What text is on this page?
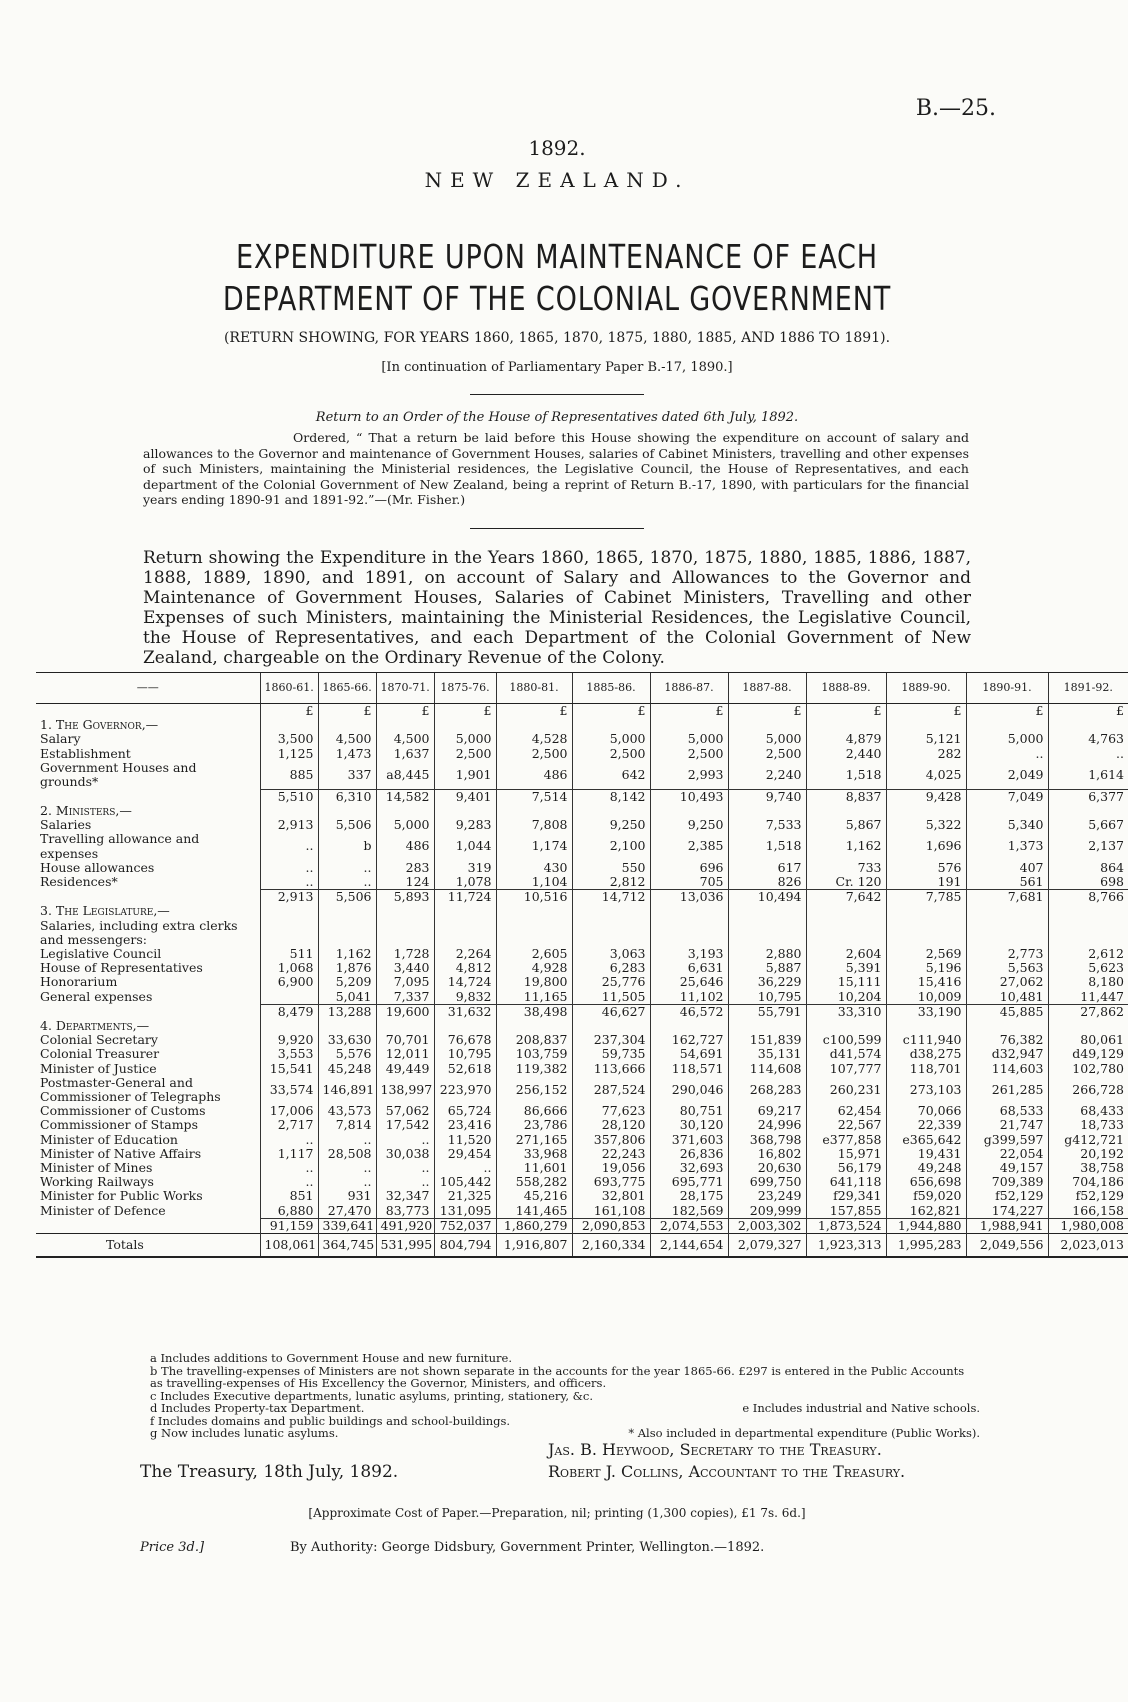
B.—25.
1892.
NEW ZEALAND.
EXPENDITURE UPON MAINTENANCE OF EACH DEPARTMENT OF THE COLONIAL GOVERNMENT
(RETURN SHOWING, FOR YEARS 1860, 1865, 1870, 1875, 1880, 1885, AND 1886 TO 1891).
[In continuation of Parliamentary Paper B.-17, 1890.]
Return to an Order of the House of Representatives dated 6th July, 1892.
Ordered, “ That a return be laid before this House showing the expenditure on account of salary and allowances to the Governor and maintenance of Government Houses, salaries of Cabinet Ministers, travelling and other expenses of such Ministers, maintaining the Ministerial residences, the Legislative Council, the House of Representatives, and each department of the Colonial Government of New Zealand, being a reprint of Return B.-17, 1890, with particulars for the financial years ending 1890-91 and 1891-92.”—(Mr. Fisher.)
Return showing the Expenditure in the Years 1860, 1865, 1870, 1875, 1880, 1885, 1886, 1887, 1888, 1889, 1890, and 1891, on account of Salary and Allowances to the Governor and Maintenance of Government Houses, Salaries of Cabinet Ministers, Travelling and other Expenses of such Ministers, maintaining the Ministerial Residences, the Legislative Council, the House of Representatives, and each Department of the Colonial Government of New Zealand, chargeable on the Ordinary Revenue of the Colony.
——	1860-61.	1865-66.	1870-71.	1875-76.	1880-81.	1885-86.	1886-87.	1887-88.	1888-89.	1889-90.	1890-91.	1891-92.
	£	£	£	£	£	£	£	£	£	£	£	£
1. The Governor,—												
Salary	3,500	4,500	4,500	5,000	4,528	5,000	5,000	5,000	4,879	5,121	5,000	4,763
Establishment	1,125	1,473	1,637	2,500	2,500	2,500	2,500	2,500	2,440	282	..	..
Government Houses and grounds*	885	337	a8,445	1,901	486	642	2,993	2,240	1,518	4,025	2,049	1,614
	5,510	6,310	14,582	9,401	7,514	8,142	10,493	9,740	8,837	9,428	7,049	6,377
2. Ministers,—												
Salaries	2,913	5,506	5,000	9,283	7,808	9,250	9,250	7,533	5,867	5,322	5,340	5,667
Travelling allowance and expenses	..	b	486	1,044	1,174	2,100	2,385	1,518	1,162	1,696	1,373	2,137
House allowances	..	..	283	319	430	550	696	617	733	576	407	864
Residences*	..	..	124	1,078	1,104	2,812	705	826	Cr. 120	191	561	698
	2,913	5,506	5,893	11,724	10,516	14,712	13,036	10,494	7,642	7,785	7,681	8,766
3. The Legislature,—												
Salaries, including extra clerks and messengers:												
Legislative Council	511	1,162	1,728	2,264	2,605	3,063	3,193	2,880	2,604	2,569	2,773	2,612
House of Representatives	1,068	1,876	3,440	4,812	4,928	6,283	6,631	5,887	5,391	5,196	5,563	5,623
Honorarium	6,900	5,209	7,095	14,724	19,800	25,776	25,646	36,229	15,111	15,416	27,062	8,180
General expenses		5,041	7,337	9,832	11,165	11,505	11,102	10,795	10,204	10,009	10,481	11,447
	8,479	13,288	19,600	31,632	38,498	46,627	46,572	55,791	33,310	33,190	45,885	27,862
4. Departments,—												
Colonial Secretary	9,920	33,630	70,701	76,678	208,837	237,304	162,727	151,839	c100,599	c111,940	76,382	80,061
Colonial Treasurer	3,553	5,576	12,011	10,795	103,759	59,735	54,691	35,131	d41,574	d38,275	d32,947	d49,129
Minister of Justice	15,541	45,248	49,449	52,618	119,382	113,666	118,571	114,608	107,777	118,701	114,603	102,780
Postmaster-General and Commissioner of Telegraphs	33,574	146,891	138,997	223,970	256,152	287,524	290,046	268,283	260,231	273,103	261,285	266,728
Commissioner of Customs	17,006	43,573	57,062	65,724	86,666	77,623	80,751	69,217	62,454	70,066	68,533	68,433
Commissioner of Stamps	2,717	7,814	17,542	23,416	23,786	28,120	30,120	24,996	22,567	22,339	21,747	18,733
Minister of Education	..	..	..	11,520	271,165	357,806	371,603	368,798	e377,858	e365,642	g399,597	g412,721
Minister of Native Affairs	1,117	28,508	30,038	29,454	33,968	22,243	26,836	16,802	15,971	19,431	22,054	20,192
Minister of Mines	..	..	..	..	11,601	19,056	32,693	20,630	56,179	49,248	49,157	38,758
Working Railways	..	..	..	105,442	558,282	693,775	695,771	699,750	641,118	656,698	709,389	704,186
Minister for Public Works	851	931	32,347	21,325	45,216	32,801	28,175	23,249	f29,341	f59,020	f52,129	f52,129
Minister of Defence	6,880	27,470	83,773	131,095	141,465	161,108	182,569	209,999	157,855	162,821	174,227	166,158
	91,159	339,641	491,920	752,037	1,860,279	2,090,853	2,074,553	2,003,302	1,873,524	1,944,880	1,988,941	1,980,008
Totals	108,061	364,745	531,995	804,794	1,916,807	2,160,334	2,144,654	2,079,327	1,923,313	1,995,283	2,049,556	2,023,013
a Includes additions to Government House and new furniture.
b The travelling-expenses of Ministers are not shown separate in the accounts for the year 1865-66. £297 is entered in the Public Accounts as travelling-expenses of His Excellency the Governor, Ministers, and officers.
c Includes Executive departments, lunatic asylums, printing, stationery, &c.
d Includes Property-tax Department.	e Includes industrial and Native schools.
f Includes domains and public buildings and school-buildings.
g Now includes lunatic asylums.	* Also included in departmental expenditure (Public Works).
Jas. B. Heywood, Secretary to the Treasury.
Robert J. Collins, Accountant to the Treasury.
The Treasury, 18th July, 1892.
[Approximate Cost of Paper.—Preparation, nil; printing (1,300 copies), £1 7s. 6d.]
Price 3d.]	By Authority: George Didsbury, Government Printer, Wellington.—1892.
